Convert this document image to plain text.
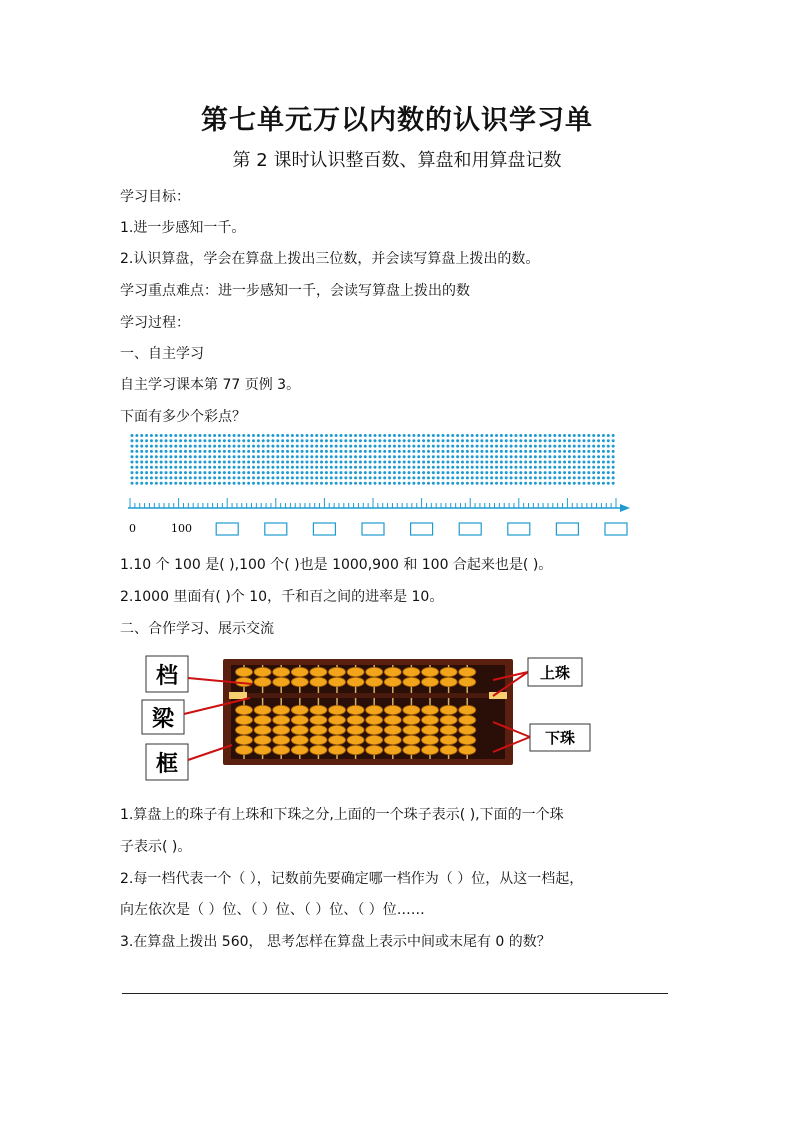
第七单元万以内数的认识学习单
第 2 课时认识整百数、算盘和用算盘记数
学习目标：
1.进一步感知一千。
2.认识算盘，学会在算盘上拨出三位数，并会读写算盘上拨出的数。
学习重点难点：进一步感知一千，会读写算盘上拨出的数
学习过程：
一、自主学习
自主学习课本第 77 页例 3。
下面有多少个彩点？
0	100
1.10 个 100 是( ),100 个( )也是 1000,900 和 100 合起来也是( )。
2.1000 里面有( )个 10，千和百之间的进率是 10。
二、合作学习、展示交流
档
梁
框
上珠
下珠
1.算盘上的珠子有上珠和下珠之分,上面的一个珠子表示( ),下面的一个珠
子表示( )。
2.每一档代表一个（ ），记数前先要确定哪一档作为（ ）位，从这一档起，
向左依次是（ ）位、（ ）位、（ ）位、（ ）位……
3.在算盘上拨出 560， 思考怎样在算盘上表示中间或末尾有 0 的数？
